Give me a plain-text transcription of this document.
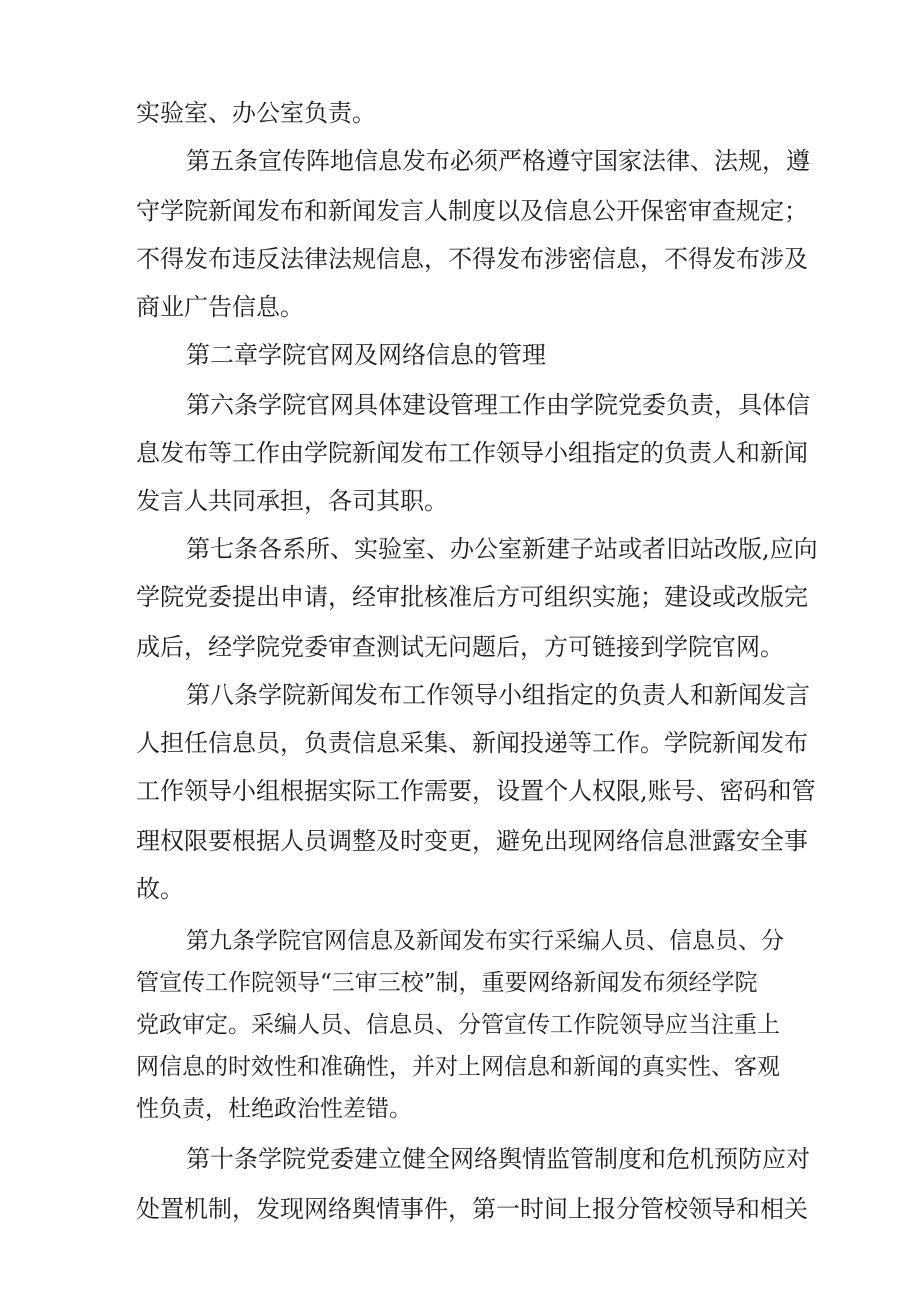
实验室、办公室负责。
第五条宣传阵地信息发布必须严格遵守国家法律、法规，遵
守学院新闻发布和新闻发言人制度以及信息公开保密审查规定；
不得发布违反法律法规信息，不得发布涉密信息，不得发布涉及
商业广告信息。
第二章学院官网及网络信息的管理
第六条学院官网具体建设管理工作由学院党委负责，具体信
息发布等工作由学院新闻发布工作领导小组指定的负责人和新闻
发言人共同承担，各司其职。
第七条各系所、实验室、办公室新建子站或者旧站改版,应向
学院党委提出申请，经审批核准后方可组织实施；建设或改版完
成后，经学院党委审查测试无问题后，方可链接到学院官网。
第八条学院新闻发布工作领导小组指定的负责人和新闻发言
人担任信息员，负责信息采集、新闻投递等工作。学院新闻发布
工作领导小组根据实际工作需要，设置个人权限,账号、密码和管
理权限要根据人员调整及时变更，避免出现网络信息泄露安全事
故。
第九条学院官网信息及新闻发布实行采编人员、信息员、分
管宣传工作院领导“三审三校”制，重要网络新闻发布须经学院
党政审定。采编人员、信息员、分管宣传工作院领导应当注重上
网信息的时效性和准确性，并对上网信息和新闻的真实性、客观
性负责，杜绝政治性差错。
第十条学院党委建立健全网络舆情监管制度和危机预防应对
处置机制，发现网络舆情事件，第一时间上报分管校领导和相关
